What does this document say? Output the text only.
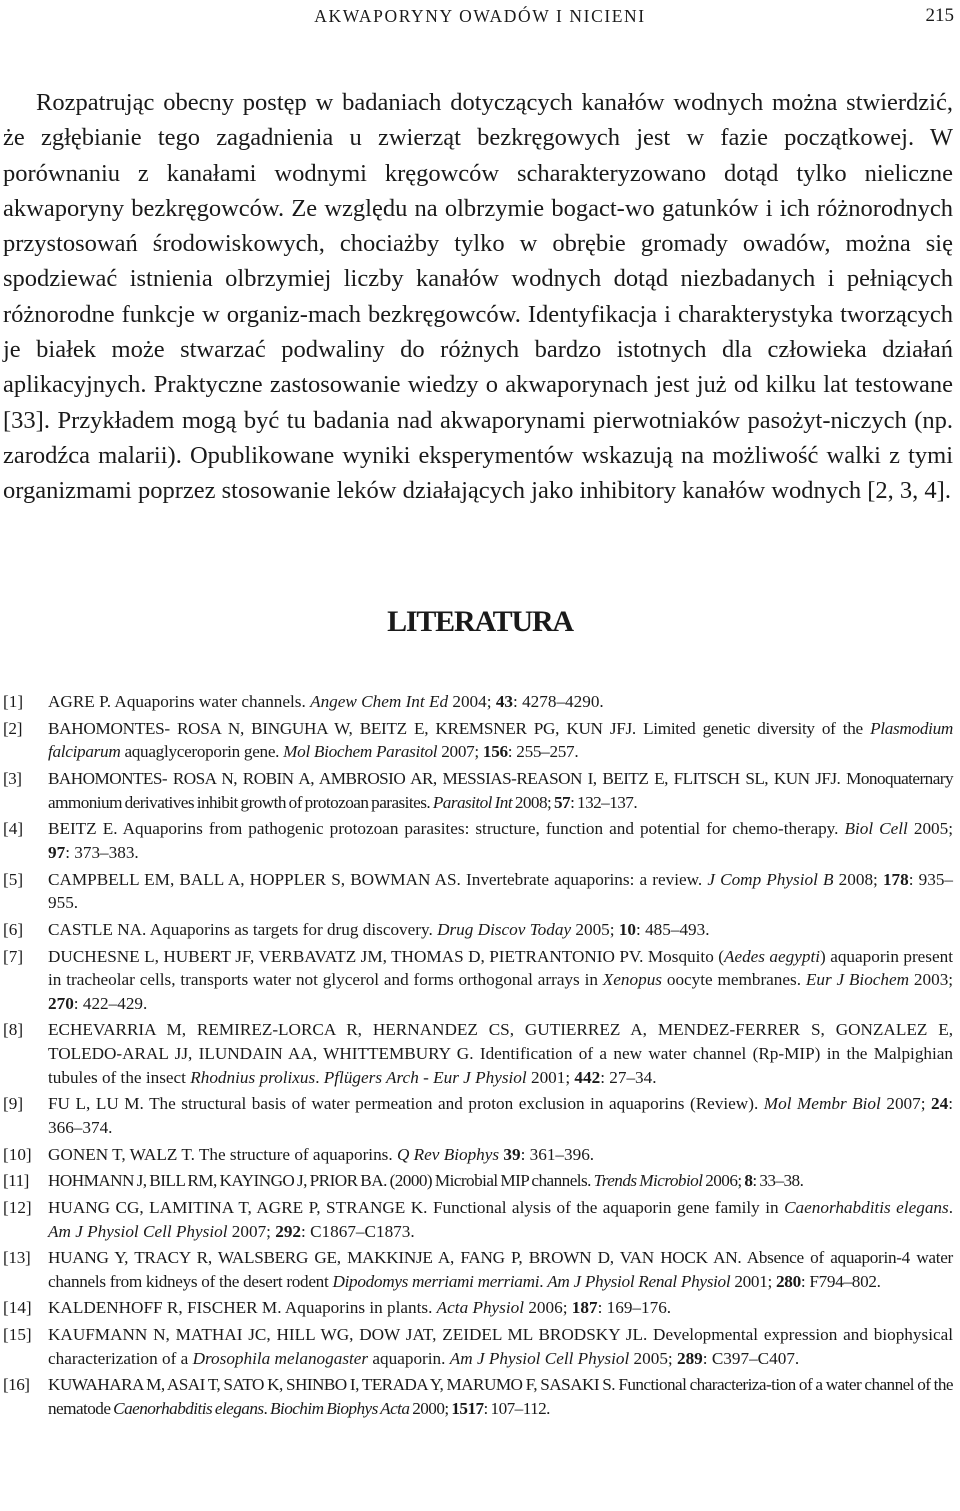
AKWAPORYNY OWADÓW I NICIENI	215

Rozpatrując obecny postęp w badaniach dotyczących kanałów wodnych można stwierdzić, że zgłębianie tego zagadnienia u zwierząt bezkręgowych jest w fazie początkowej. W porównaniu z kanałami wodnymi kręgowców scharakteryzowano dotąd tylko nieliczne akwaporyny bezkręgowców. Ze względu na olbrzymie bogact-wo gatunków i ich różnorodnych przystosowań środowiskowych, chociażby tylko w obrębie gromady owadów, można się spodziewać istnienia olbrzymiej liczby kanałów wodnych dotąd niezbadanych i pełniących różnorodne funkcje w organiz-mach bezkręgowców. Identyfikacja i charakterystyka tworzących je białek może stwarzać podwaliny do różnych bardzo istotnych dla człowieka działań aplikacyjnych. Praktyczne zastosowanie wiedzy o akwaporynach jest już od kilku lat testowane [33]. Przykładem mogą być tu badania nad akwaporynami pierwotniaków pasożyt-niczych (np. zarodźca malarii). Opublikowane wyniki eksperymentów wskazują na możliwość walki z tymi organizmami poprzez stosowanie leków działających jako inhibitory kanałów wodnych [2, 3, 4].

LITERATURA
[1] AGRE P. Aquaporins water channels. Angew Chem Int Ed 2004; 43: 4278–4290.
[2] BAHOMONTES- ROSA N, BINGUHA W, BEITZ E, KREMSNER PG, KUN JFJ. Limited genetic diversity of the Plasmodium falciparum aquaglyceroporin gene. Mol Biochem Parasitol 2007; 156: 255–257.
[3] BAHOMONTES- ROSA N, ROBIN A, AMBROSIO AR, MESSIAS-REASON I, BEITZ E, FLITSCH SL, KUN JFJ. Monoquaternary ammonium derivatives inhibit growth of protozoan parasites. Parasitol Int 2008; 57: 132–137.
[4] BEITZ E. Aquaporins from pathogenic protozoan parasites: structure, function and potential for chemo-therapy. Biol Cell 2005; 97: 373–383.
[5] CAMPBELL EM, BALL A, HOPPLER S, BOWMAN AS. Invertebrate aquaporins: a review. J Comp Physiol B 2008; 178: 935–955.
[6] CASTLE NA. Aquaporins as targets for drug discovery. Drug Discov Today 2005; 10: 485–493.
[7] DUCHESNE L, HUBERT JF, VERBAVATZ JM, THOMAS D, PIETRANTONIO PV. Mosquito (Aedes aegypti) aquaporin present in tracheolar cells, transports water not glycerol and forms orthogonal arrays in Xenopus oocyte membranes. Eur J Biochem 2003; 270: 422–429.
[8] ECHEVARRIA M, REMIREZ-LORCA R, HERNANDEZ CS, GUTIERREZ A, MENDEZ-FERRER S, GONZALEZ E, TOLEDO-ARAL JJ, ILUNDAIN AA, WHITTEMBURY G. Identification of a new water channel (Rp-MIP) in the Malpighian tubules of the insect Rhodnius prolixus. Pflügers Arch - Eur J Physiol 2001; 442: 27–34.
[9] FU L, LU M. The structural basis of water permeation and proton exclusion in aquaporins (Review). Mol Membr Biol 2007; 24: 366–374.
[10] GONEN T, WALZ T. The structure of aquaporins. Q Rev Biophys 39: 361–396.
[11] HOHMANN J, BILL RM, KAYINGO J, PRIOR BA. (2000) Microbial MIP channels. Trends Microbiol 2006; 8: 33–38.
[12] HUANG CG, LAMITINA T, AGRE P, STRANGE K. Functional alysis of the aquaporin gene family in Caenorhabditis elegans. Am J Physiol Cell Physiol 2007; 292: C1867–C1873.
[13] HUANG Y, TRACY R, WALSBERG GE, MAKKINJE A, FANG P, BROWN D, VAN HOCK AN. Absence of aquaporin-4 water channels from kidneys of the desert rodent Dipodomys merriami merriami. Am J Physiol Renal Physiol 2001; 280: F794–802.
[14] KALDENHOFF R, FISCHER M. Aquaporins in plants. Acta Physiol 2006; 187: 169–176.
[15] KAUFMANN N, MATHAI JC, HILL WG, DOW JAT, ZEIDEL ML BRODSKY JL. Developmental expression and biophysical characterization of a Drosophila melanogaster aquaporin. Am J Physiol Cell Physiol 2005; 289: C397–C407.
[16] KUWAHARA M, ASAI T, SATO K, SHINBO I, TERADA Y, MARUMO F, SASAKI S. Functional characteriza-tion of a water channel of the nematode Caenorhabditis elegans. Biochim Biophys Acta 2000; 1517: 107–112.
